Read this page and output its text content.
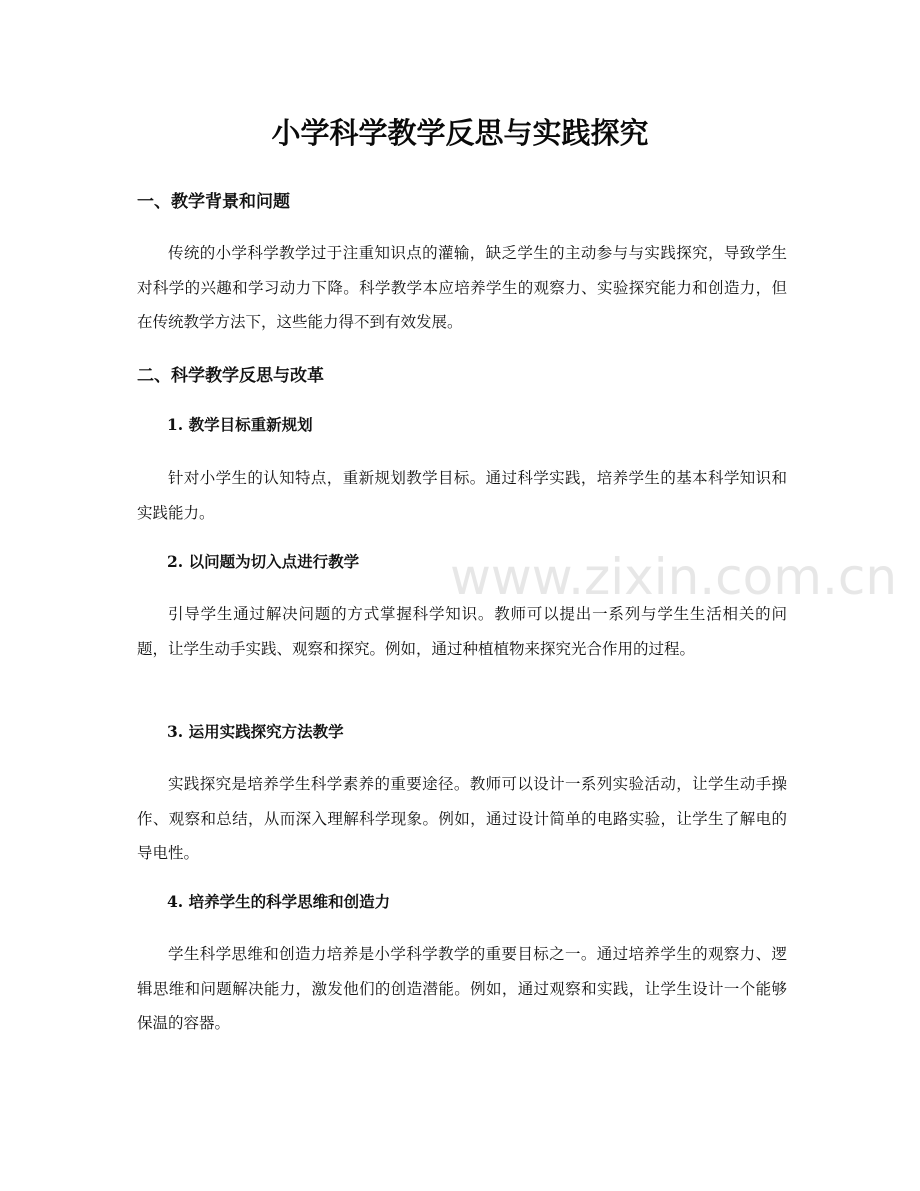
小学科学教学反思与实践探究
一、教学背景和问题

传统的小学科学教学过于注重知识点的灌输，缺乏学生的主动参与与实践探究，导致学生对科学的兴趣和学习动力下降。科学教学本应培养学生的观察力、实验探究能力和创造力，但在传统教学方法下，这些能力得不到有效发展。

二、科学教学反思与改革
1. 教学目标重新规划

针对小学生的认知特点，重新规划教学目标。通过科学实践，培养学生的基本科学知识和实践能力。

2. 以问题为切入点进行教学

引导学生通过解决问题的方式掌握科学知识。教师可以提出一系列与学生生活相关的问题，让学生动手实践、观察和探究。例如，通过种植植物来探究光合作用的过程。

3. 运用实践探究方法教学

实践探究是培养学生科学素养的重要途径。教师可以设计一系列实验活动，让学生动手操作、观察和总结，从而深入理解科学现象。例如，通过设计简单的电路实验，让学生了解电的导电性。

4. 培养学生的科学思维和创造力

学生科学思维和创造力培养是小学科学教学的重要目标之一。通过培养学生的观察力、逻辑思维和问题解决能力，激发他们的创造潜能。例如，通过观察和实践，让学生设计一个能够保温的容器。

www.zixin.com.cn
